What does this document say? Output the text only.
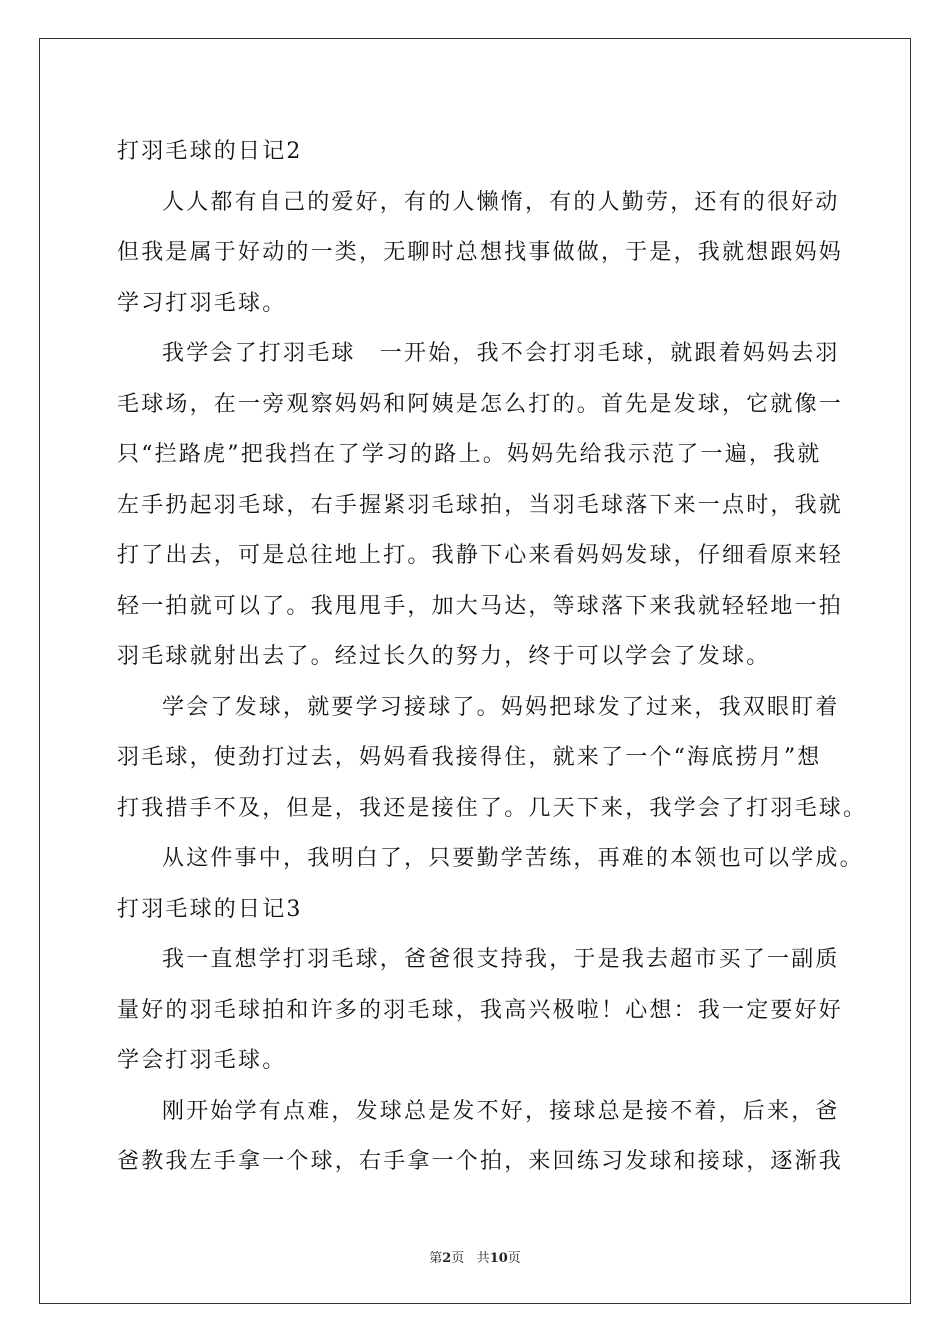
打羽毛球的日记2
人人都有自己的爱好，有的人懒惰，有的人勤劳，还有的很好动
但我是属于好动的一类，无聊时总想找事做做，于是，我就想跟妈妈
学习打羽毛球。
我学会了打羽毛球　一开始，我不会打羽毛球，就跟着妈妈去羽
毛球场，在一旁观察妈妈和阿姨是怎么打的。首先是发球，它就像一
只“拦路虎”把我挡在了学习的路上。妈妈先给我示范了一遍，我就
左手扔起羽毛球，右手握紧羽毛球拍，当羽毛球落下来一点时，我就
打了出去，可是总往地上打。我静下心来看妈妈发球，仔细看原来轻
轻一拍就可以了。我甩甩手，加大马达，等球落下来我就轻轻地一拍
羽毛球就射出去了。经过长久的努力，终于可以学会了发球。
学会了发球，就要学习接球了。妈妈把球发了过来，我双眼盯着
羽毛球，使劲打过去，妈妈看我接得住，就来了一个“海底捞月”想
打我措手不及，但是，我还是接住了。几天下来，我学会了打羽毛球。
从这件事中，我明白了，只要勤学苦练，再难的本领也可以学成。
打羽毛球的日记3
我一直想学打羽毛球，爸爸很支持我，于是我去超市买了一副质
量好的羽毛球拍和许多的羽毛球，我高兴极啦！心想：我一定要好好
学会打羽毛球。
刚开始学有点难，发球总是发不好，接球总是接不着，后来，爸
爸教我左手拿一个球，右手拿一个拍，来回练习发球和接球，逐渐我
第2页 共10页
